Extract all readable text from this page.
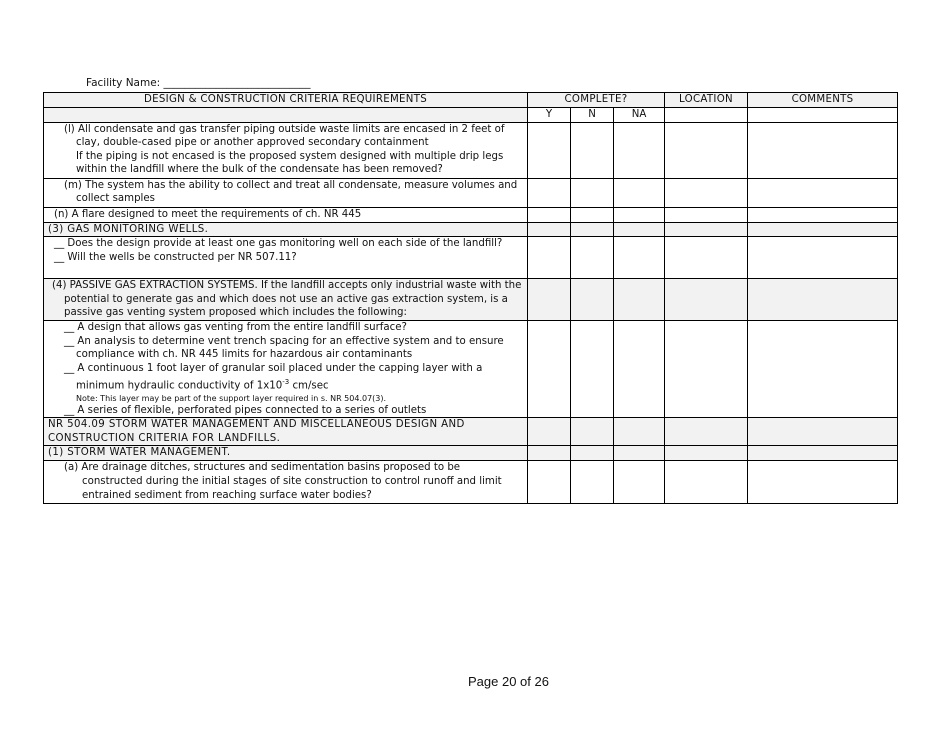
Facility Name: ____________________________
DESIGN & CONSTRUCTION CRITERIA REQUIREMENTS	COMPLETE?			LOCATION	COMMENTS
	Y	N	NA		

(l) All condensate and gas transfer piping outside waste limits are encased in 2 feet of clay, double-cased pipe or another approved secondary containment
If the piping is not encased is the proposed system designed with multiple drip legs within the landfill where the bulk of the condensate has been removed?					

(m) The system has the ability to collect and treat all condensate, measure volumes and collect samples					

(n) A flare designed to meet the requirements of ch. NR 445					
(3) GAS MONITORING WELLS.					

__ Does the design provide at least one gas monitoring well on each side of the landfill?
__ Will the wells be constructed per NR 507.11?					

(4) PASSIVE GAS EXTRACTION SYSTEMS. If the landfill accepts only industrial waste with the potential to generate gas and which does not use an active gas extraction system, is a passive gas venting system proposed which includes the following:					

__ A design that allows gas venting from the entire landfill surface?
__ An analysis to determine vent trench spacing for an effective system and to ensure compliance with ch. NR 445 limits for hazardous air contaminants
__ A continuous 1 foot layer of granular soil placed under the capping layer with a minimum hydraulic conductivity of $1x10^{-3}$ cm/sec
Note: This layer may be part of the support layer required in s. NR 504.07(3).
__ A series of flexible, perforated pipes connected to a series of outlets					

NR 504.09 STORM WATER MANAGEMENT AND MISCELLANEOUS DESIGN AND CONSTRUCTION CRITERIA FOR LANDFILLS.					
(1) STORM WATER MANAGEMENT.					

(a) Are drainage ditches, structures and sedimentation basins proposed to be constructed during the initial stages of site construction to control runoff and limit entrained sediment from reaching surface water bodies?					

Page 20 of 26
